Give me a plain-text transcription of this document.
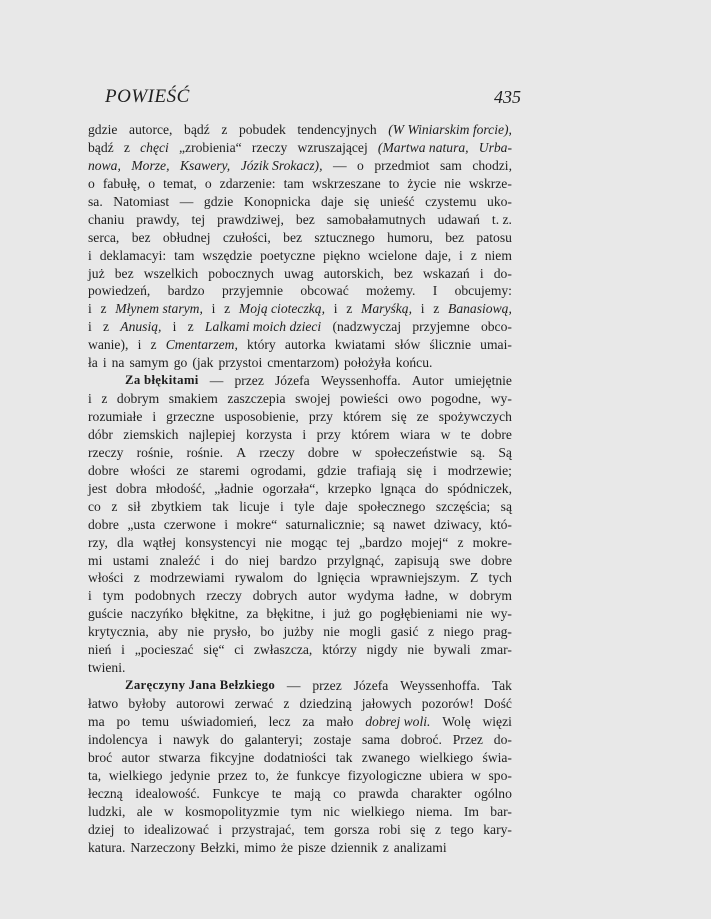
POWIEŚĆ	435
gdzie autorce, bądź z pobudek tendencyjnych (W Winiarskim forcie),
bądź z chęci „zrobienia“ rzeczy wzruszającej (Martwa natura, Urba-
nowa, Morze, Ksawery, Józik Srokacz), — o przedmiot sam chodzi,
o fabułę, o temat, o zdarzenie: tam wskrzeszane to życie nie wskrze-
sa. Natomiast — gdzie Konopnicka daje się unieść czystemu uko-
chaniu prawdy, tej prawdziwej, bez samobałamutnych udawań t. z.
serca, bez obłudnej czułości, bez sztucznego humoru, bez patosu
i deklamacyi: tam wszędzie poetyczne piękno wcielone daje, i z niem
już bez wszelkich pobocznych uwag autorskich, bez wskazań i do-
powiedzeń, bardzo przyjemnie obcować możemy. I obcujemy:
i z Młynem starym, i z Moją cioteczką, i z Maryśką, i z Banasiową,
i z Anusią, i z Lalkami moich dzieci (nadzwyczaj przyjemne obco-
wanie), i z Cmentarzem, który autorka kwiatami słów ślicznie umai-
ła i na samym go (jak przystoi cmentarzom) położyła końcu.
Za błękitami — przez Józefa Weyssenhoffa. Autor umiejętnie
i z dobrym smakiem zaszczepia swojej powieści owo pogodne, wy-
rozumiałe i grzeczne usposobienie, przy którem się ze spożywczych
dóbr ziemskich najlepiej korzysta i przy którem wiara w te dobre
rzeczy rośnie, rośnie. A rzeczy dobre w społeczeństwie są. Są
dobre włości ze staremi ogrodami, gdzie trafiają się i modrzewie;
jest dobra młodość, „ładnie ogorzała“, krzepko lgnąca do spódniczek,
co z sił zbytkiem tak licuje i tyle daje społecznego szczęścia; są
dobre „usta czerwone i mokre“ saturnalicznie; są nawet dziwacy, któ-
rzy, dla wątłej konsystencyi nie mogąc tej „bardzo mojej“ z mokre-
mi ustami znaleźć i do niej bardzo przylgnąć, zapisują swe dobre
włości z modrzewiami rywalom do lgnięcia wprawniejszym. Z tych
i tym podobnych rzeczy dobrych autor wydyma ładne, w dobrym
guście naczyńko błękitne, za błękitne, i już go pogłębieniami nie wy-
krytycznia, aby nie prysło, bo jużby nie mogli gasić z niego prag-
nień i „pocieszać się“ ci zwłaszcza, którzy nigdy nie bywali zmar-
twieni.
Zaręczyny Jana Bełzkiego — przez Józefa Weyssenhoffa. Tak
łatwo byłoby autorowi zerwać z dziedziną jałowych pozorów! Dość
ma po temu uświadomień, lecz za mało dobrej woli. Wolę więzi
indolencya i nawyk do galanteryi; zostaje sama dobroć. Przez do-
broć autor stwarza fikcyjne dodatniości tak zwanego wielkiego świa-
ta, wielkiego jedynie przez to, że funkcye fizyologiczne ubiera w spo-
łeczną idealowość. Funkcye te mają co prawda charakter ogólno
ludzki, ale w kosmopolityzmie tym nic wielkiego niema. Im bar-
dziej to idealizować i przystrajać, tem gorsza robi się z tego kary-
katura. Narzeczony Bełzki, mimo że pisze dziennik z analizami
